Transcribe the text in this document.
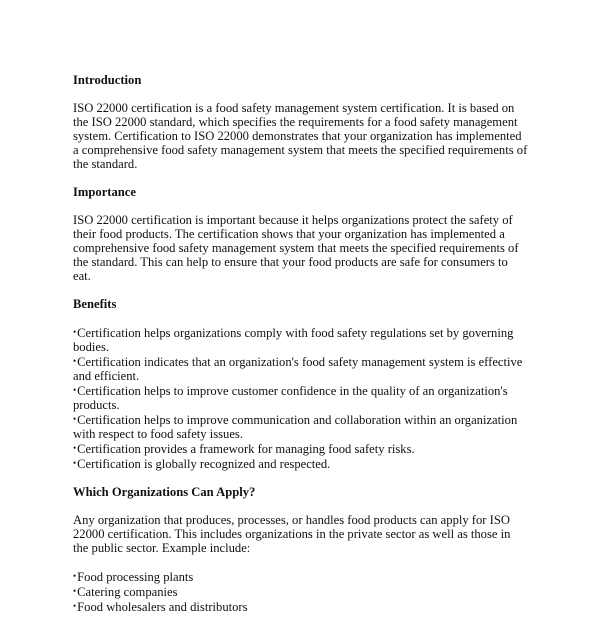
Introduction

ISO 22000 certification is a food safety management system certification. It is based on the ISO 22000 standard, which specifies the requirements for a food safety management system. Certification to ISO 22000 demonstrates that your organization has implemented a comprehensive food safety management system that meets the specified requirements of the standard.

Importance

ISO 22000 certification is important because it helps organizations protect the safety of their food products. The certification shows that your organization has implemented a comprehensive food safety management system that meets the specified requirements of the standard. This can help to ensure that your food products are safe for consumers to eat.

Benefits
•Certification helps organizations comply with food safety regulations set by governing bodies.
•Certification indicates that an organization's food safety management system is effective and efficient.
•Certification helps to improve customer confidence in the quality of an organization's products.
•Certification helps to improve communication and collaboration within an organization with respect to food safety issues.
•Certification provides a framework for managing food safety risks.
•Certification is globally recognized and respected.
Which Organizations Can Apply?

Any organization that produces, processes, or handles food products can apply for ISO 22000 certification. This includes organizations in the private sector as well as those in the public sector. Example include:

•Food processing plants
•Catering companies
•Food wholesalers and distributors
